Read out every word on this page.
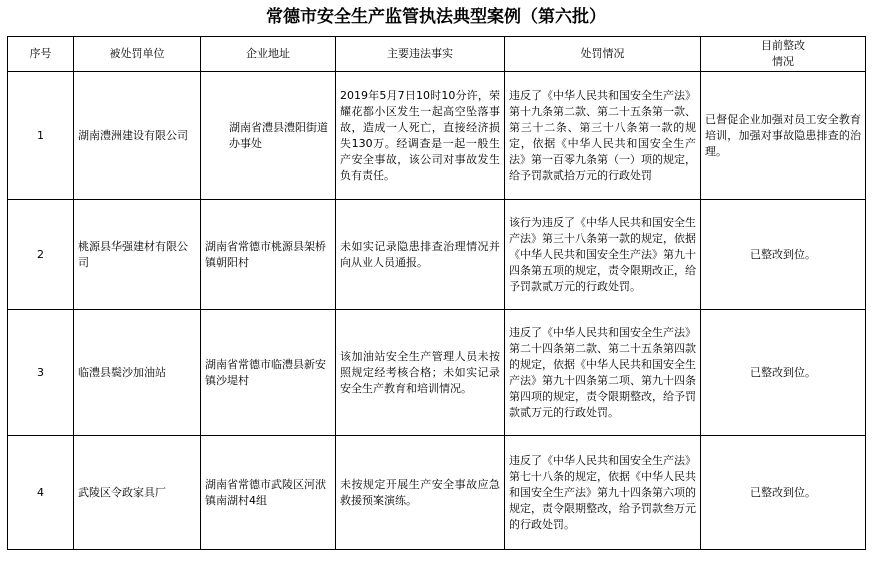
常德市安全生产监管执法典型案例（第六批）
序号	被处罚单位	企业地址	主要违法事实	处罚情况	目前整改
情况

1	湖南澧洲建设有限公司	湖南省澧县澧阳街道办事处	2019年5月7日10时10分许，荣耀花都小区发生一起高空坠落事故，造成一人死亡，直接经济损失130万。经调查是一起一般生产安全事故，该公司对事故发生负有责任。	违反了《中华人民共和国安全生产法》第十九条第二款、第二十五条第一款、第三十二条、第三十八条第一款的规定，依据《中华人民共和国安全生产法》第一百零九条第（一）项的规定，给予罚款贰拾万元的行政处罚	已督促企业加强对员工安全教育培训，加强对事故隐患排查的治理。
2	桃源县华强建材有限公司	湖南省常德市桃源县架桥镇朝阳村	未如实记录隐患排查治理情况并向从业人员通报。	该行为违反了《中华人民共和国安全生产法》第三十八条第一款的规定，依据《中华人民共和国安全生产法》第九十四条第五项的规定，责令限期改正，给予罚款贰万元的行政处罚。	已整改到位。
3	临澧县鬓沙加油站	湖南省常德市临澧县新安镇沙堤村	该加油站安全生产管理人员未按照规定经考核合格；未如实记录安全生产教育和培训情况。	违反了《中华人民共和国安全生产法》第二十四条第二款、第二十五条第四款的规定，依据《中华人民共和国安全生产法》第九十四条第二项、第九十四条第四项的规定，责令限期整改，给予罚款贰万元的行政处罚。	已整改到位。
4	武陵区令政家具厂	湖南省常德市武陵区河洑镇南湖村4组	未按规定开展生产安全事故应急救援预案演练。	违反了《中华人民共和国安全生产法》第七十八条的规定，依据《中华人民共和国安全生产法》第九十四条第六项的规定，责令限期整改，给予罚款叁万元的行政处罚。	已整改到位。
